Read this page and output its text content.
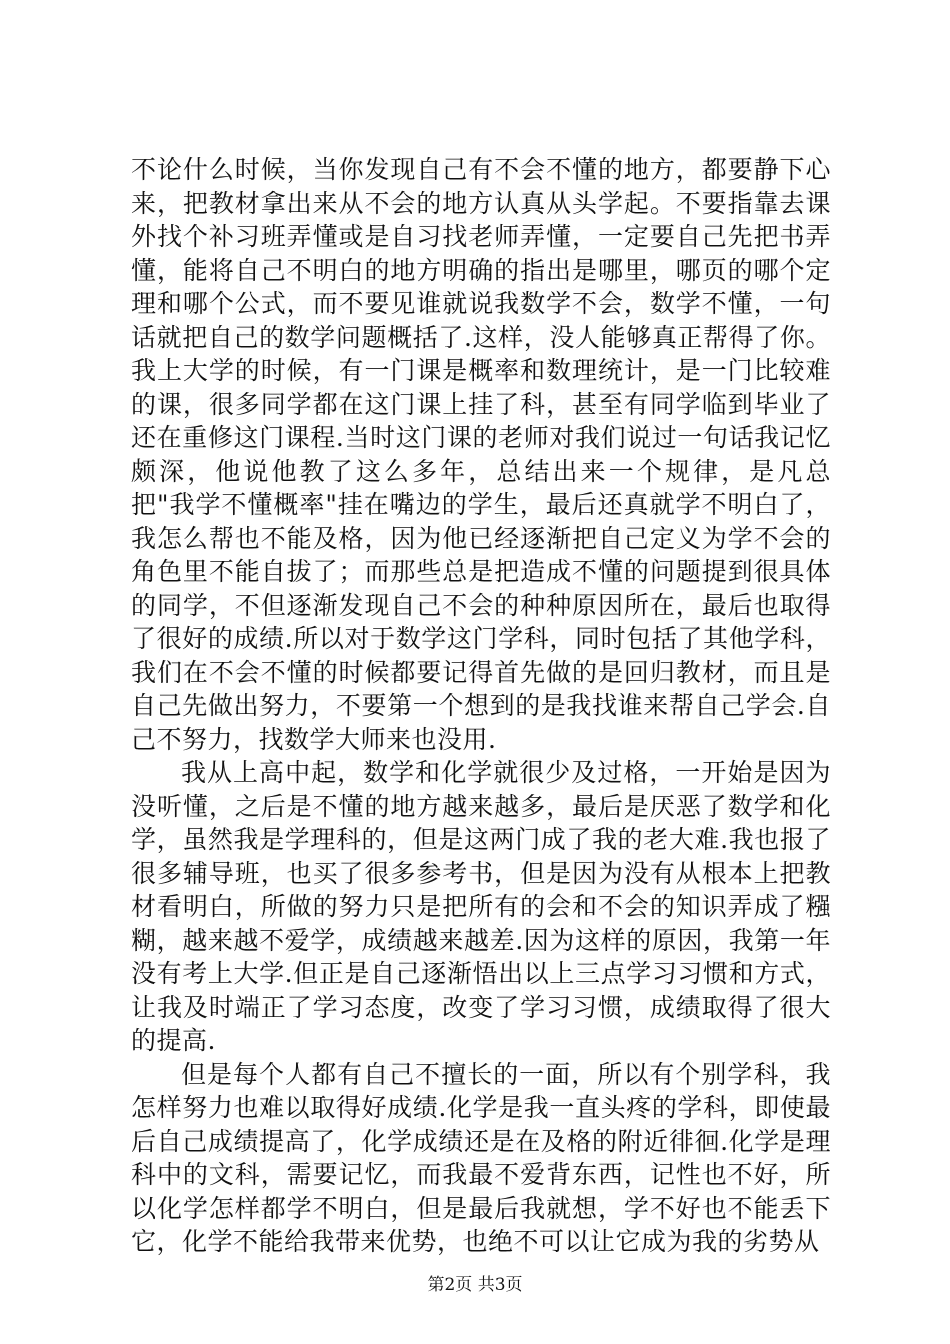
不论什么时候，当你发现自己有不会不懂的地方，都要静下心来，把教材拿出来从不会的地方认真从头学起。不要指靠去课外找个补习班弄懂或是自习找老师弄懂，一定要自己先把书弄懂，能将自己不明白的地方明确的指出是哪里，哪页的哪个定理和哪个公式，而不要见谁就说我数学不会，数学不懂，一句话就把自己的数学问题概括了.这样，没人能够真正帮得了你。我上大学的时候，有一门课是概率和数理统计，是一门比较难的课，很多同学都在这门课上挂了科，甚至有同学临到毕业了还在重修这门课程.当时这门课的老师对我们说过一句话我记忆颇深，他说他教了这么多年，总结出来一个规律，是凡总把"我学不懂概率"挂在嘴边的学生，最后还真就学不明白了，我怎么帮也不能及格，因为他已经逐渐把自己定义为学不会的角色里不能自拔了；而那些总是把造成不懂的问题提到很具体的同学，不但逐渐发现自己不会的种种原因所在，最后也取得了很好的成绩.所以对于数学这门学科，同时包括了其他学科，我们在不会不懂的时候都要记得首先做的是回归教材，而且是自己先做出努力，不要第一个想到的是我找谁来帮自己学会.自己不努力，找数学大师来也没用.

我从上高中起，数学和化学就很少及过格，一开始是因为没听懂，之后是不懂的地方越来越多，最后是厌恶了数学和化学，虽然我是学理科的，但是这两门成了我的老大难.我也报了很多辅导班，也买了很多参考书，但是因为没有从根本上把教材看明白，所做的努力只是把所有的会和不会的知识弄成了糨糊，越来越不爱学，成绩越来越差.因为这样的原因，我第一年没有考上大学.但正是自己逐渐悟出以上三点学习习惯和方式，让我及时端正了学习态度，改变了学习习惯，成绩取得了很大的提高.

但是每个人都有自己不擅长的一面，所以有个别学科，我怎样努力也难以取得好成绩.化学是我一直头疼的学科，即使最后自己成绩提高了，化学成绩还是在及格的附近徘徊.化学是理科中的文科，需要记忆，而我最不爱背东西，记性也不好，所以化学怎样都学不明白，但是最后我就想，学不好也不能丢下它，化学不能给我带来优势，也绝不可以让它成为我的劣势从

第2页 共3页
